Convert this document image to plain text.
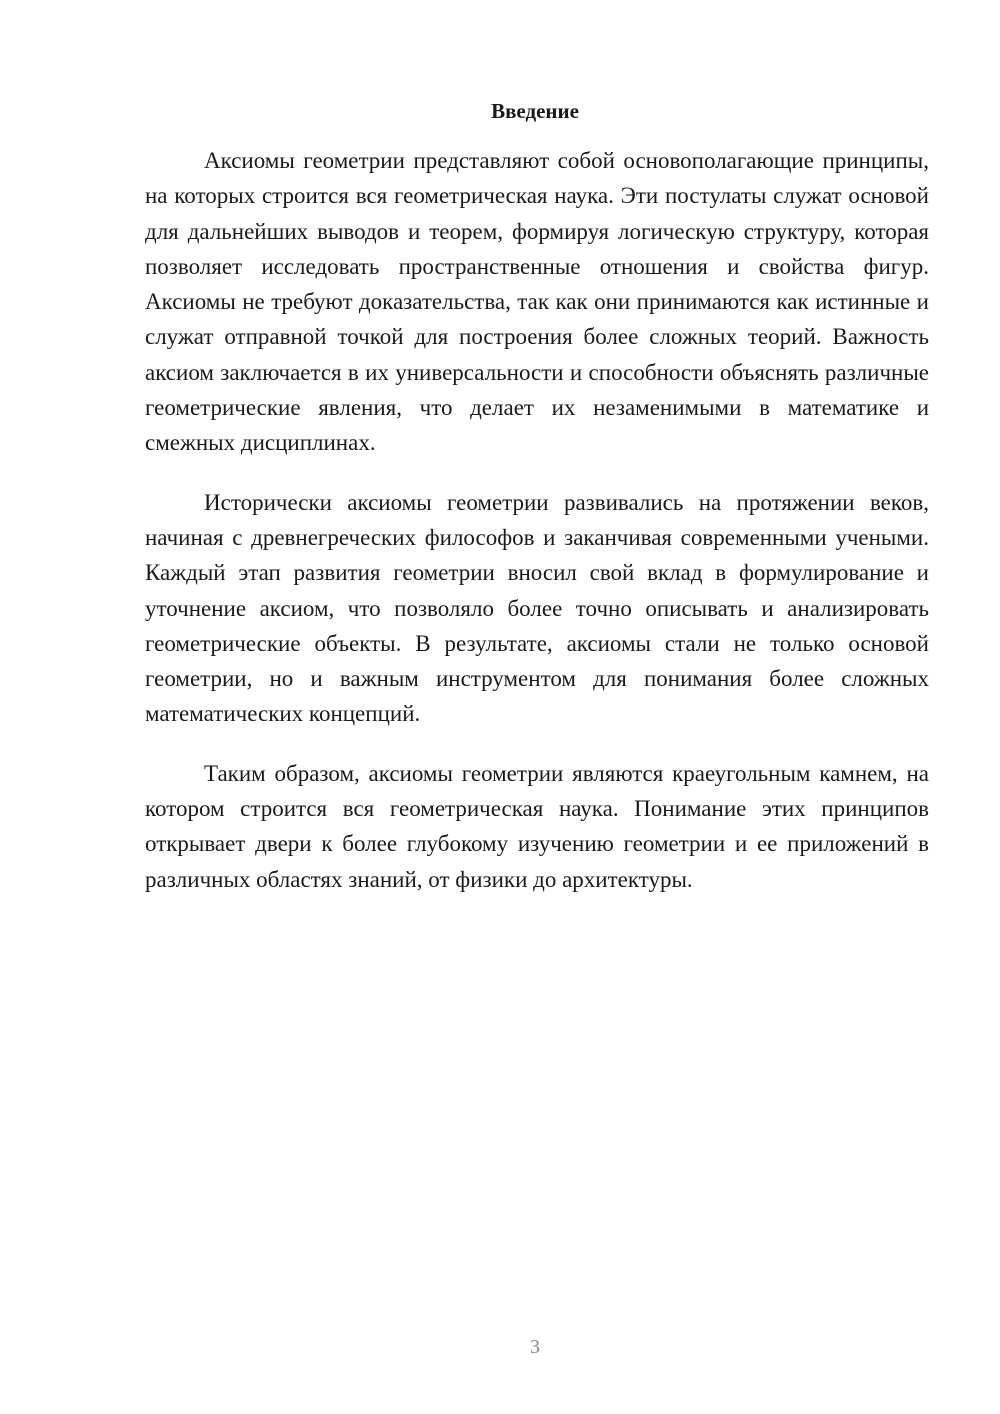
Введение

Аксиомы геометрии представляют собой основополагающие принципы, на которых строится вся геометрическая наука. Эти постулаты служат основой для дальнейших выводов и теорем, формируя логическую структуру, которая позволяет исследовать пространственные отношения и свойства фигур. Аксиомы не требуют доказательства, так как они принимаются как истинные и служат отправной точкой для построения более сложных теорий. Важность аксиом заключается в их универсальности и способности объяснять различные геометрические явления, что делает их незаменимыми в математике и смежных дисциплинах.

Исторически аксиомы геометрии развивались на протяжении веков, начиная с древнегреческих философов и заканчивая современными учеными. Каждый этап развития геометрии вносил свой вклад в формулирование и уточнение аксиом, что позволяло более точно описывать и анализировать геометрические объекты. В результате, аксиомы стали не только основой геометрии, но и важным инструментом для понимания более сложных математических концепций.

Таким образом, аксиомы геометрии являются краеугольным камнем, на котором строится вся геометрическая наука. Понимание этих принципов открывает двери к более глубокому изучению геометрии и ее приложений в различных областях знаний, от физики до архитектуры.

3
